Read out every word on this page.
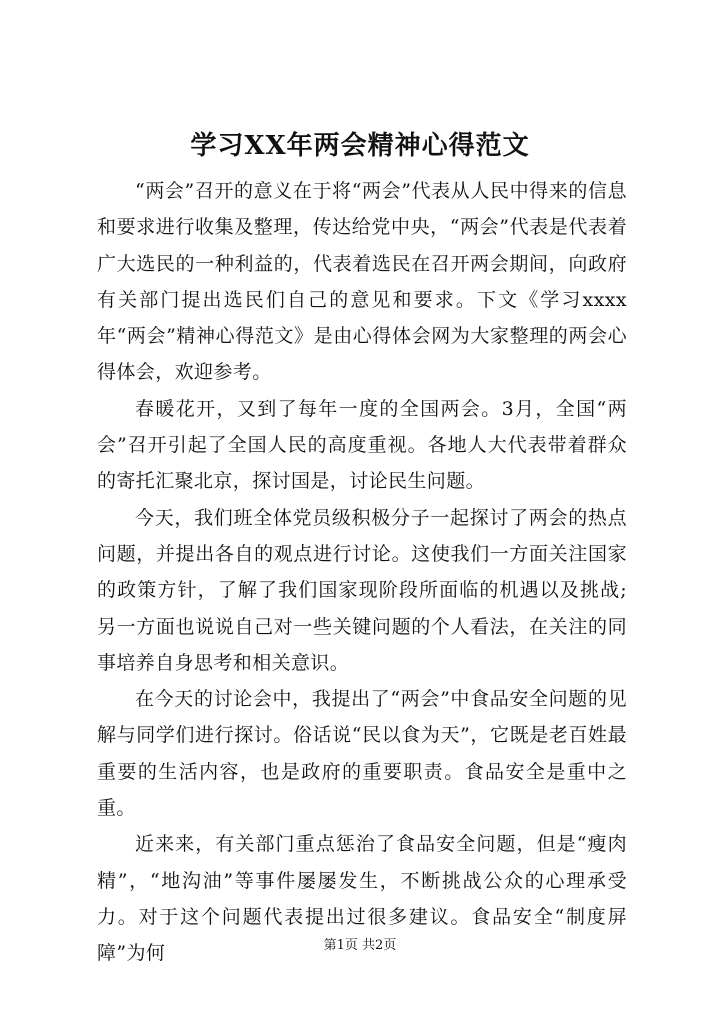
学习XX年两会精神心得范文

“两会”召开的意义在于将“两会”代表从人民中得来的信息和要求进行收集及整理，传达给党中央，“两会”代表是代表着广大选民的一种利益的，代表着选民在召开两会期间，向政府有关部门提出选民们自己的意见和要求。下文《学习xxxx年“两会”精神心得范文》是由心得体会网为大家整理的两会心得体会，欢迎参考。

春暖花开，又到了每年一度的全国两会。3月，全国“两会”召开引起了全国人民的高度重视。各地人大代表带着群众的寄托汇聚北京，探讨国是，讨论民生问题。

今天，我们班全体党员级积极分子一起探讨了两会的热点问题，并提出各自的观点进行讨论。这使我们一方面关注国家的政策方针，了解了我们国家现阶段所面临的机遇以及挑战;另一方面也说说自己对一些关键问题的个人看法，在关注的同事培养自身思考和相关意识。

在今天的讨论会中，我提出了“两会”中食品安全问题的见解与同学们进行探讨。俗话说“民以食为天”，它既是老百姓最重要的生活内容，也是政府的重要职责。食品安全是重中之重。

近来来，有关部门重点惩治了食品安全问题，但是“瘦肉精”，“地沟油”等事件屡屡发生，不断挑战公众的心理承受力。对于这个问题代表提出过很多建议。食品安全“制度屏障”为何	第1页 共2页
